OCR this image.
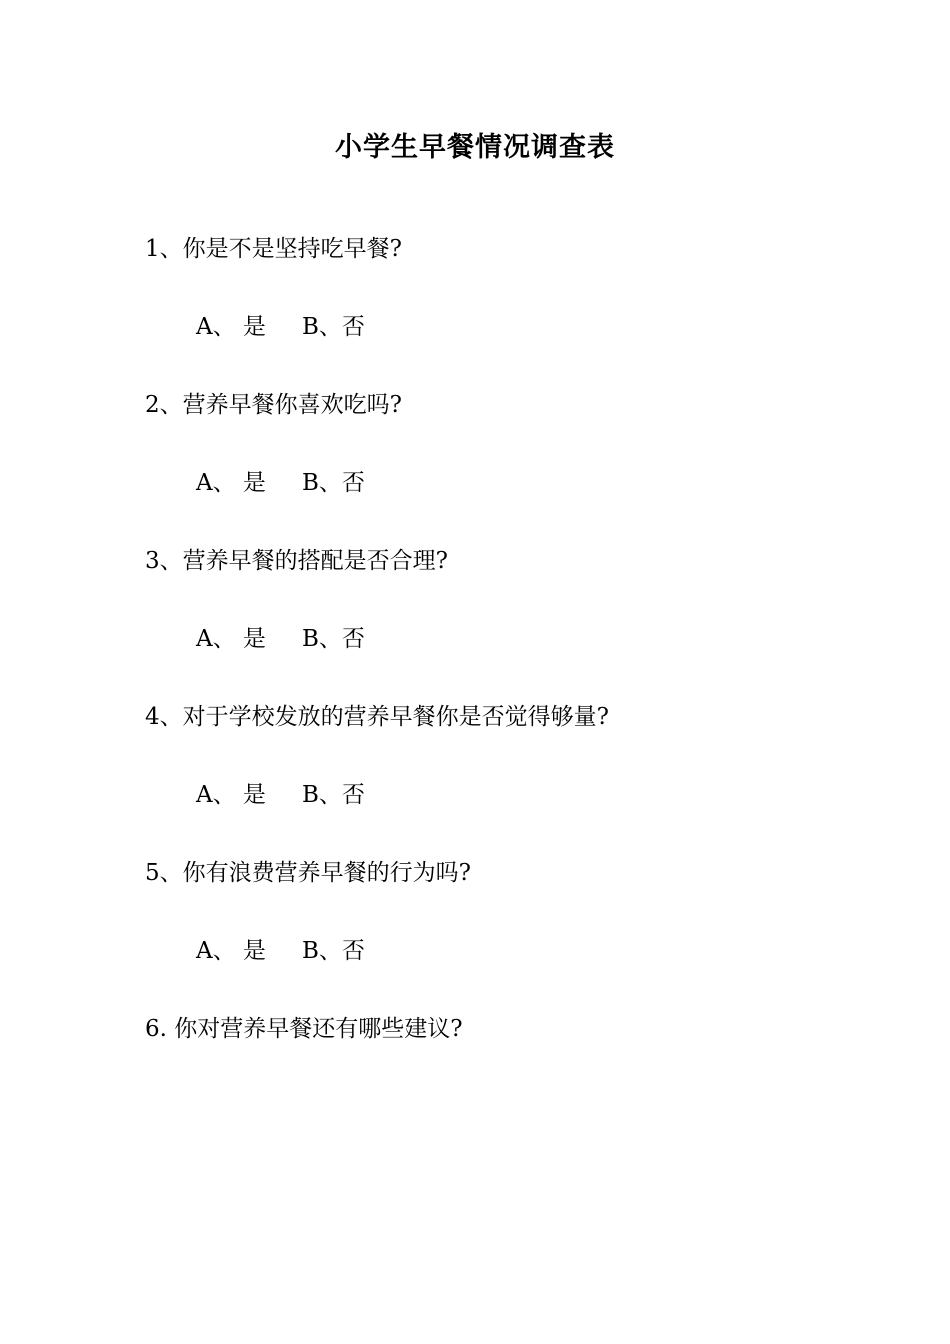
小学生早餐情况调查表
1、你是不是坚持吃早餐?
A、 是 B、否
2、营养早餐你喜欢吃吗?
A、 是 B、否
3、营养早餐的搭配是否合理?
A、 是 B、否
4、对于学校发放的营养早餐你是否觉得够量?
A、 是 B、否
5、你有浪费营养早餐的行为吗?
A、 是 B、否
6. 你对营养早餐还有哪些建议?
